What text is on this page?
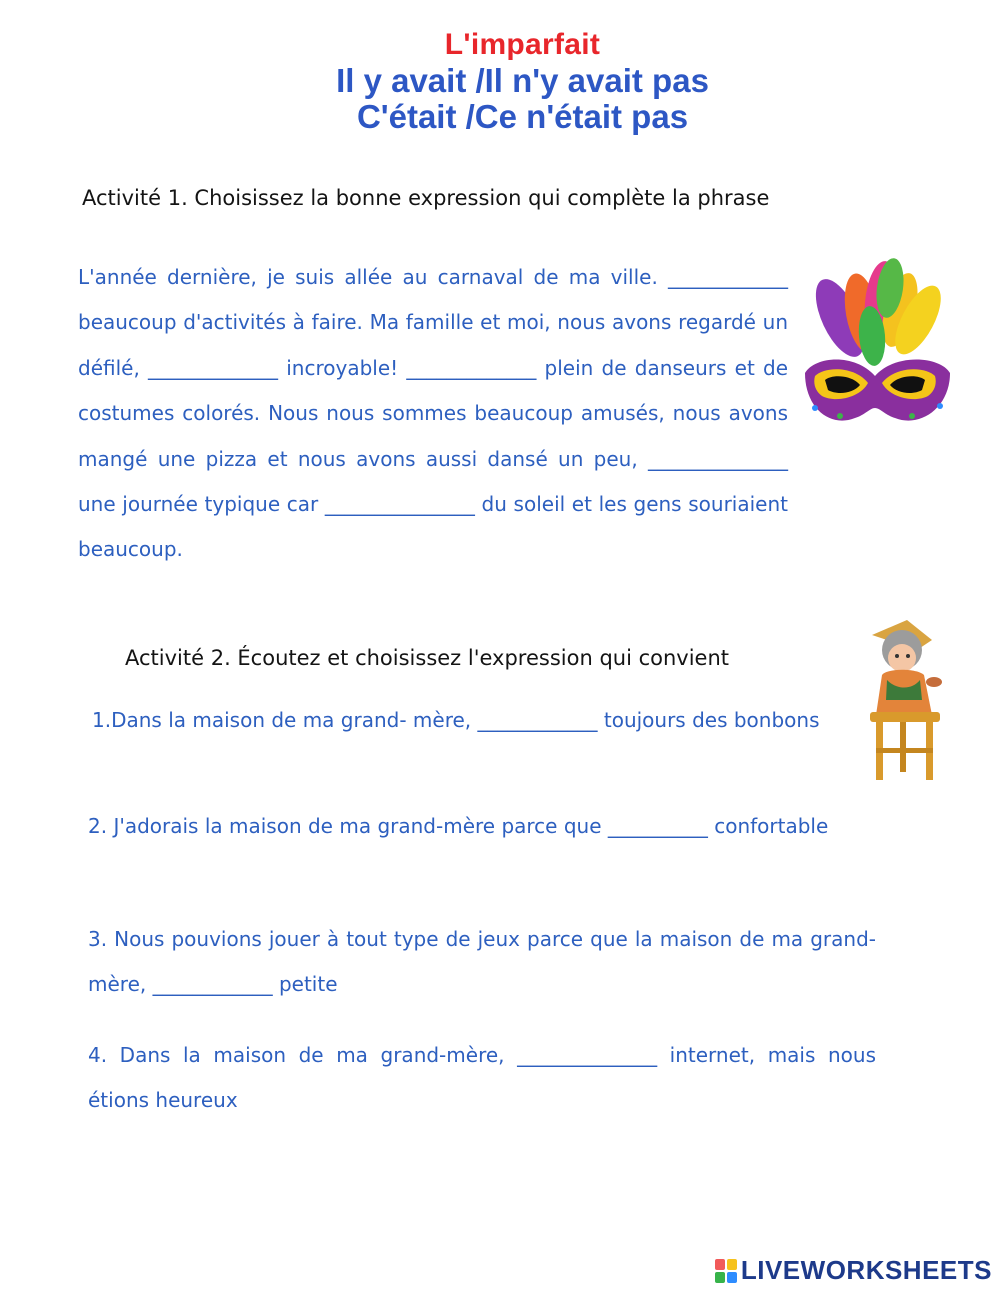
L'imparfait
Il y avait /Il n'y avait pas
C'était /Ce n'était pas
Activité 1. Choisissez la bonne expression qui complète la phrase
L'année dernière, je suis allée au carnaval de ma ville. ____________ beaucoup d'activités à faire. Ma famille et moi, nous avons regardé un défilé, _____________ incroyable! _____________ plein de danseurs et de costumes colorés. Nous nous sommes beaucoup amusés, nous avons mangé une pizza et nous avons aussi dansé un peu, ______________ une journée typique car _______________ du soleil et les gens souriaient beaucoup.
Activité 2. Écoutez et choisissez l'expression qui convient
1.Dans la maison de ma grand- mère, ____________ toujours des bonbons
2. J'adorais la maison de ma grand-mère parce que __________ confortable
3. Nous pouvions jouer à tout type de jeux parce que la maison de ma grand-mère, ____________ petite
4. Dans la maison de ma grand-mère, ______________ internet, mais nous étions heureux
LIVEWORKSHEETS
